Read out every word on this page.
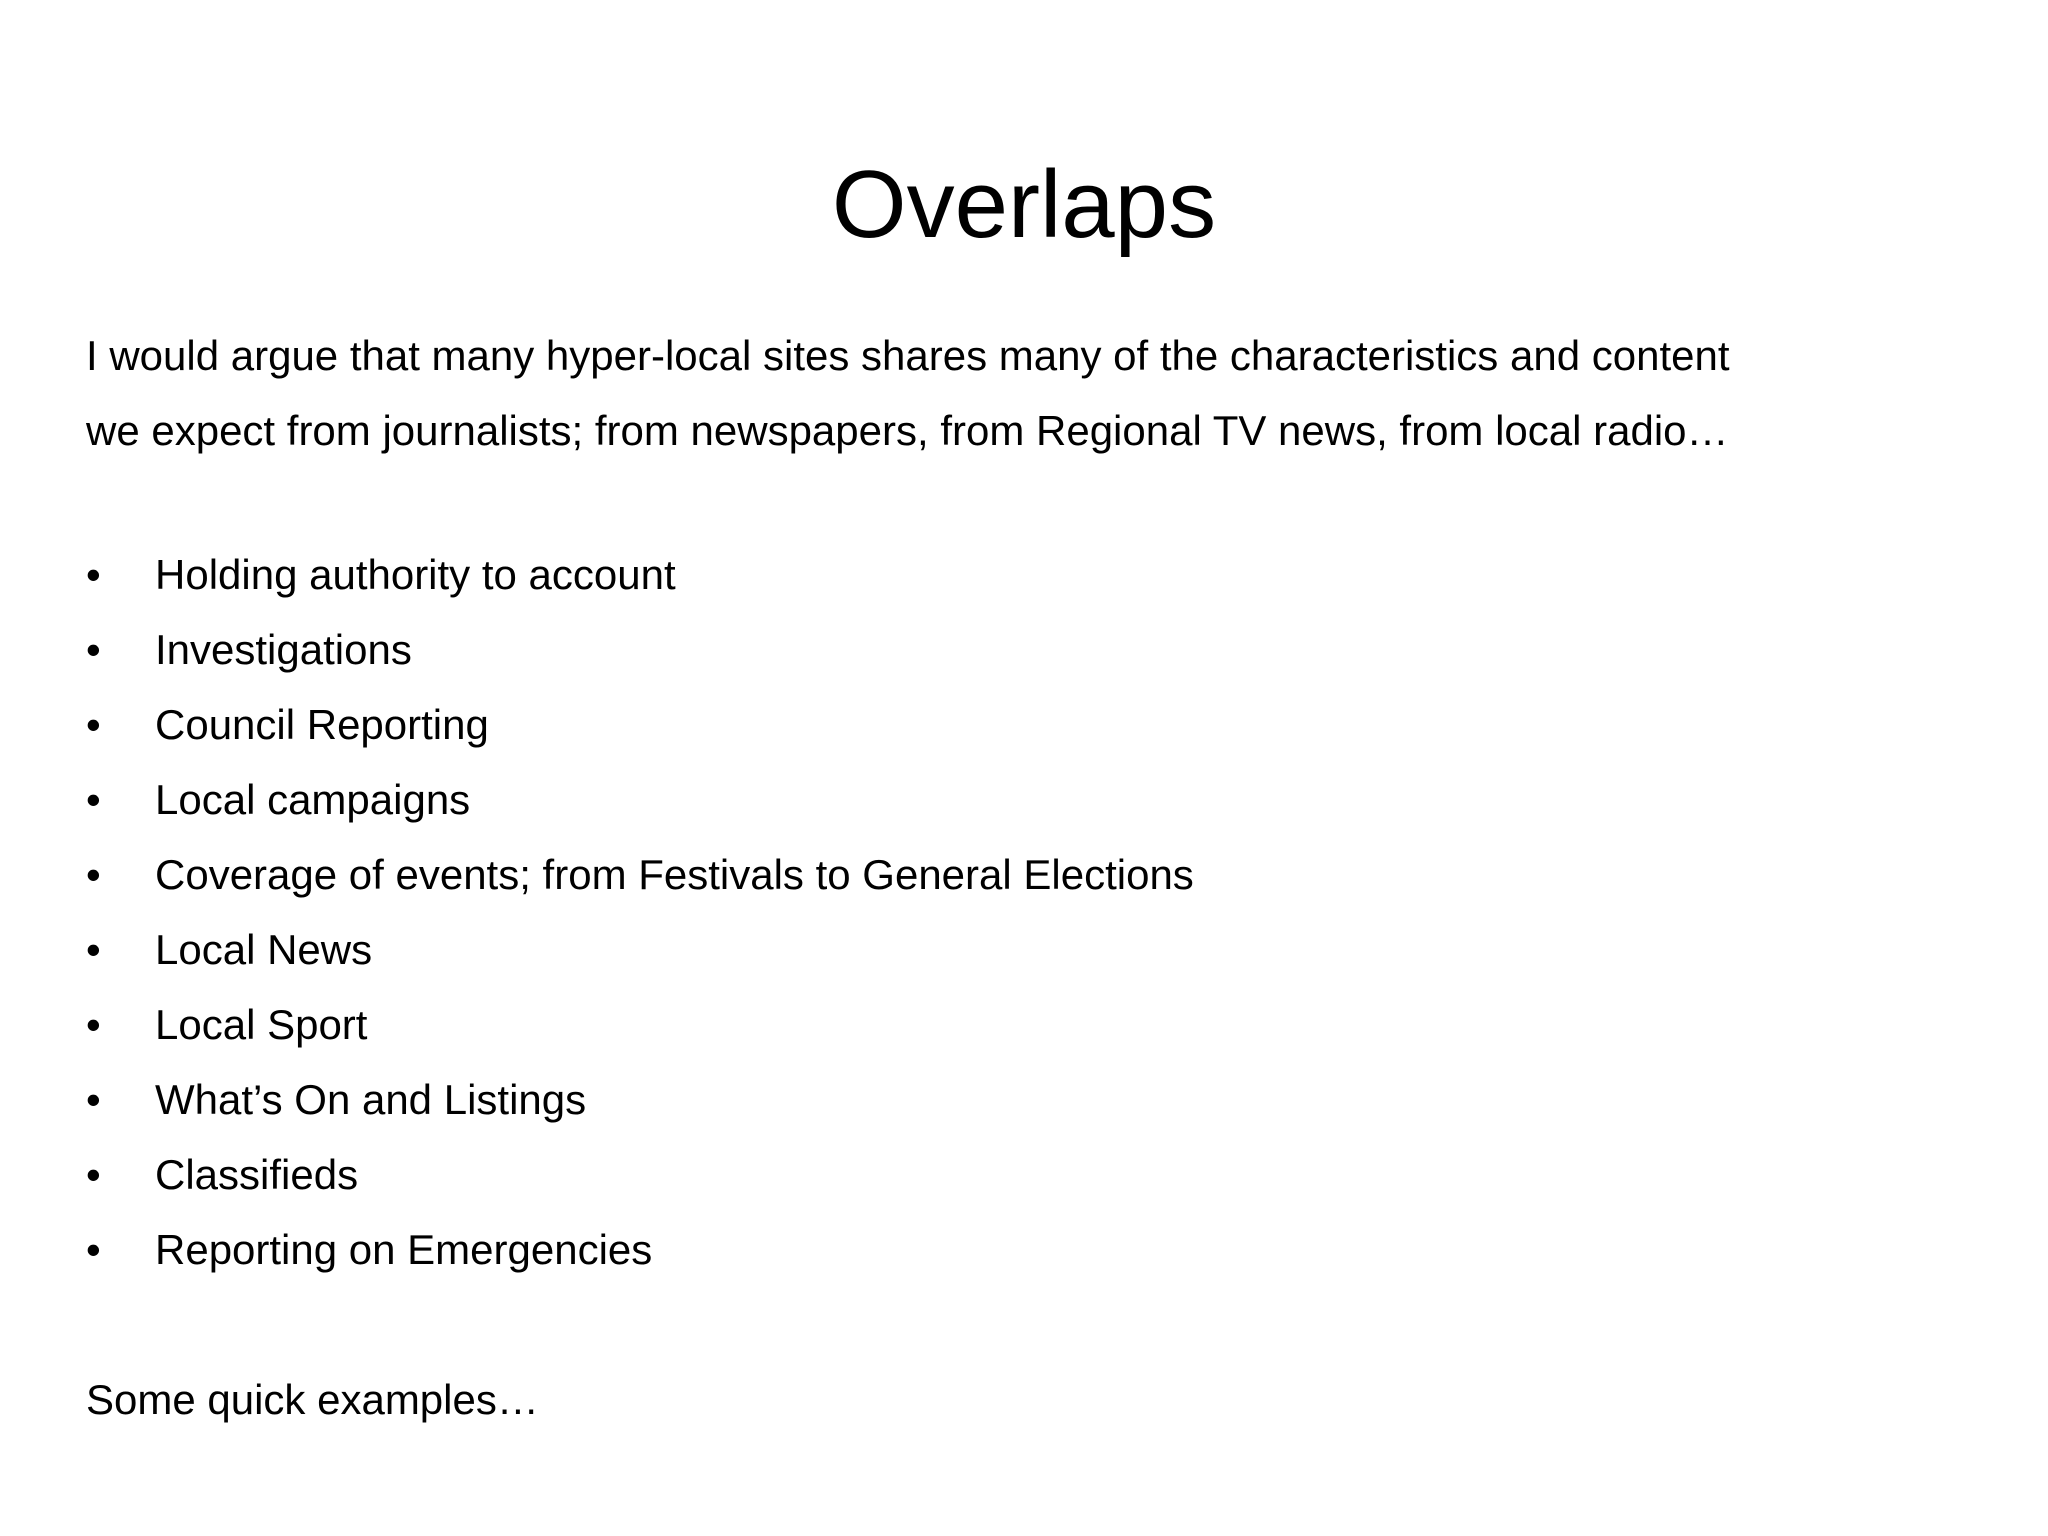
Overlaps
I would argue that many hyper-local sites shares many of the characteristics and content
we expect from journalists; from newspapers, from Regional TV news, from local radio…
•	Holding authority to account
•	Investigations
•	Council Reporting
•	Local campaigns
•	Coverage of events; from Festivals to General Elections
•	Local News
•	Local Sport
•	What’s On and Listings
•	Classifieds
•	Reporting on Emergencies
Some quick examples…
